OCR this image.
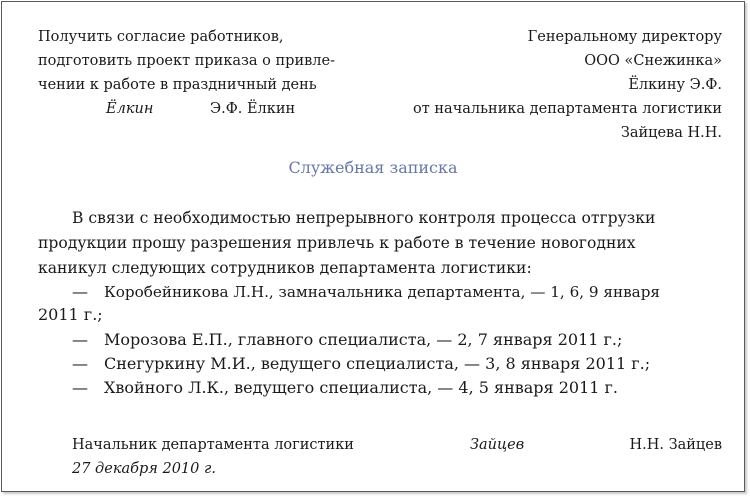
Получить согласие работников,
подготовить проект приказа о привле-
чении к работе в праздничный день
Ёлкин	Э.Ф. Ёлкин
Генеральному директору
ООО «Снежинка»
Ёлкину Э.Ф.
от начальника департамента логистики
Зайцева Н.Н.
Служебная записка
В связи с необходимостью непрерывного контроля процесса отгрузки
продукции прошу разрешения привлечь к работе в течение новогодних
каникул следующих сотрудников департамента логистики:
— Коробейникова Л.Н., замначальника департамента, — 1, 6, 9 января
2011 г.;
— Морозова Е.П., главного специалиста, — 2, 7 января 2011 г.;
— Снегуркину М.И., ведущего специалиста, — 3, 8 января 2011 г.;
— Хвойного Л.К., ведущего специалиста, — 4, 5 января 2011 г.
Начальник департамента логистики	Зайцев	Н.Н. Зайцев
27 декабря 2010 г.
